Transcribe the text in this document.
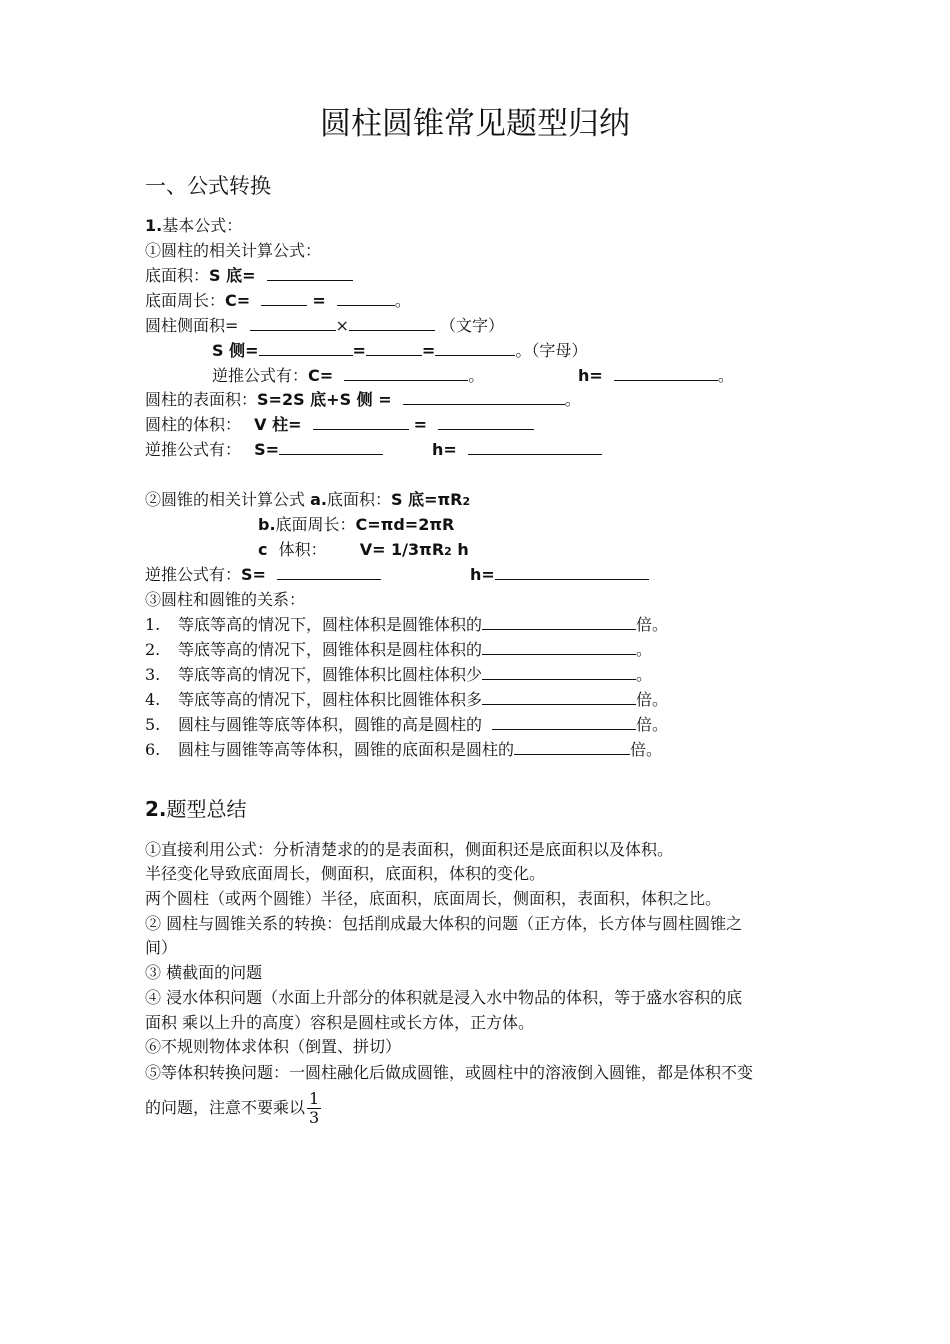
圆柱圆锥常见题型归纳
一、公式转换
1.基本公式：
①圆柱的相关计算公式：
底面积：S 底=
底面周长：C=	=	。
圆柱侧面积=	×	（文字）
S 侧=	=	=	。（字母）
逆推公式有：C=	。	h=	。
圆柱的表面积：S=2S 底+S 侧 =	。
圆柱的体积： V 柱=	=
逆推公式有： S=	h=
②圆锥的相关计算公式 a.底面积：S 底=πR2
b.底面周长：C=πd=2πR
c 体积： V= 1/3πR2 h
逆推公式有：S=	h=
③圆柱和圆锥的关系：
1. 等底等高的情况下，圆柱体积是圆锥体积的	倍。
2. 等底等高的情况下，圆锥体积是圆柱体积的	。
3. 等底等高的情况下，圆锥体积比圆柱体积少	。
4. 等底等高的情况下，圆柱体积比圆锥体积多	倍。
5. 圆柱与圆锥等底等体积，圆锥的高是圆柱的	倍。
6. 圆柱与圆锥等高等体积，圆锥的底面积是圆柱的	倍。
2.题型总结
①直接利用公式：分析清楚求的的是表面积，侧面积还是底面积以及体积。
半径变化导致底面周长，侧面积，底面积，体积的变化。
两个圆柱（或两个圆锥）半径，底面积，底面周长，侧面积，表面积，体积之比。
② 圆柱与圆锥关系的转换：包括削成最大体积的问题（正方体，长方体与圆柱圆锥之
间）
③ 横截面的问题
④ 浸水体积问题（水面上升部分的体积就是浸入水中物品的体积，等于盛水容积的底
面积 乘以上升的高度）容积是圆柱或长方体，正方体。
⑥不规则物体求体积（倒置、拼切）
⑤等体积转换问题：一圆柱融化后做成圆锥，或圆柱中的溶液倒入圆锥，都是体积不变
的问题，注意不要乘以 $\frac{1}{3}$
